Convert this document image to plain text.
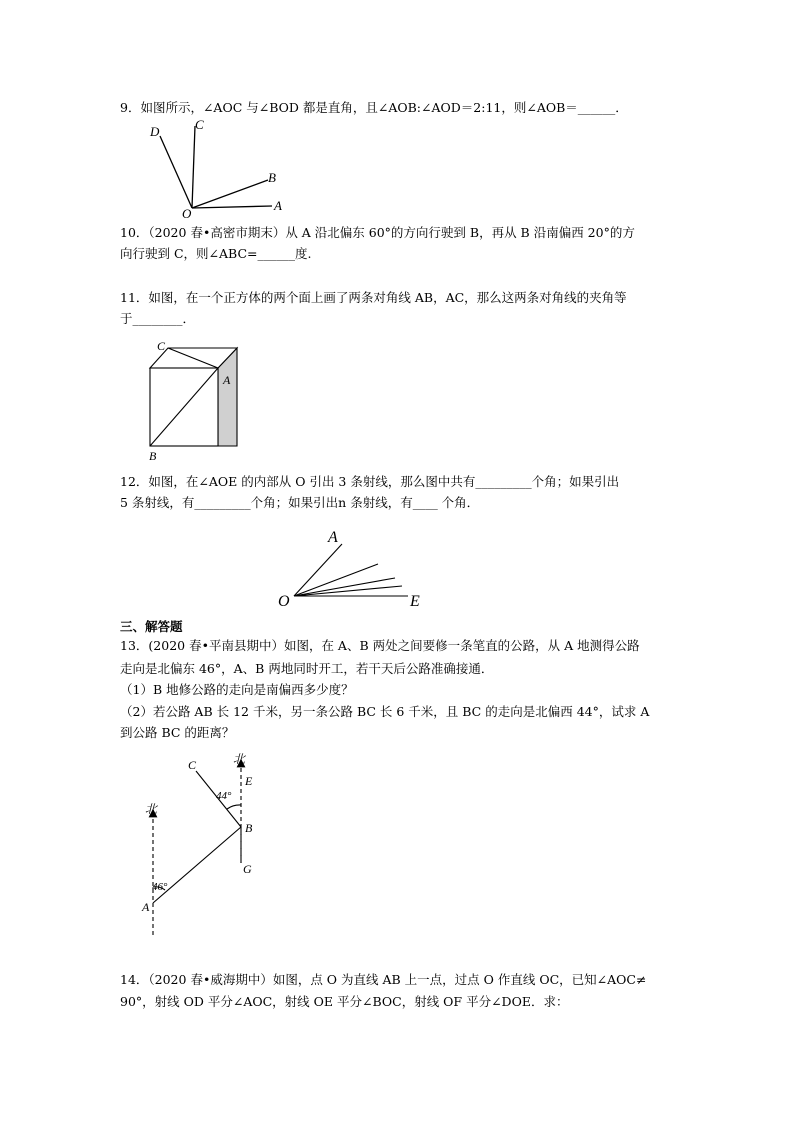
9．如图所示，∠AOC 与∠BOD 都是直角，且∠AOB:∠AOD＝2:11，则∠AOB＝______．
D	C
B
A
O
10．（2020 春•高密市期末）从 A 沿北偏东 60°的方向行驶到 B，再从 B 沿南偏西 20°的方
向行驶到 C，则∠ABC=______度.
11．如图，在一个正方体的两个面上画了两条对角线 AB，AC，那么这两条对角线的夹角等
于________．
C
A
B
12．如图，在∠AOE 的内部从 O 引出 3 条射线，那么图中共有_________个角；如果引出
5 条射线，有_________个角；如果引出n 条射线，有____ 个角．
A
O	E
三、解答题
13．(2020 春•平南县期中）如图，在 A、B 两处之间要修一条笔直的公路，从 A 地测得公路
走向是北偏东 46°，A、B 两地同时开工，若干天后公路准确接通．
（1）B 地修公路的走向是南偏西多少度？
（2）若公路 AB 长 12 千米，另一条公路 BC 长 6 千米，且 BC 的走向是北偏西 44°，试求 A
到公路 BC 的距离？
北
北
C
E
44°
B
G
46°
A
14．（2020 春•威海期中）如图，点 O 为直线 AB 上一点，过点 O 作直线 OC，已知∠AOC≠
90°，射线 OD 平分∠AOC，射线 OE 平分∠BOC，射线 OF 平分∠DOE．求：
